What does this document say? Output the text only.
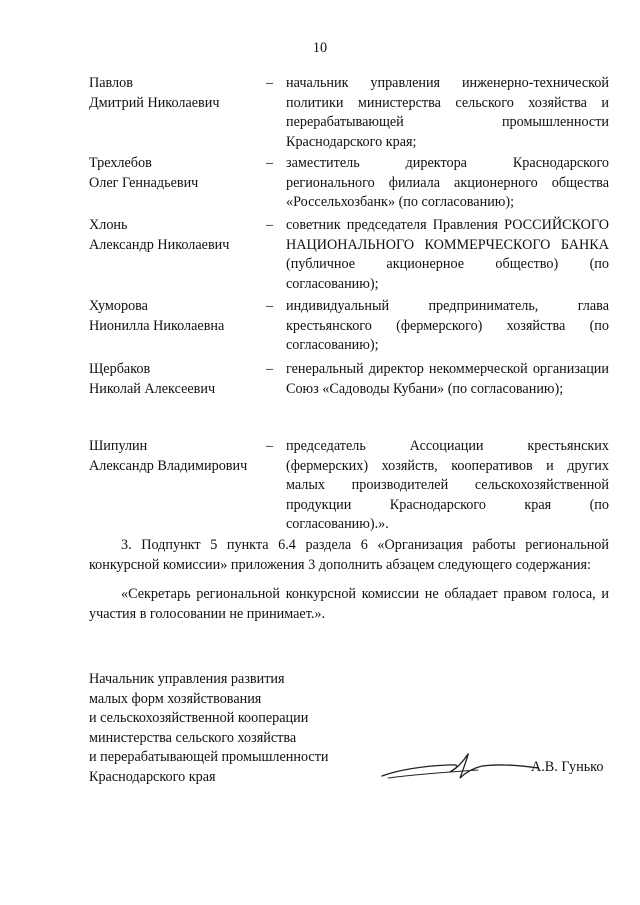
10
Павлов
Дмитрий Николаевич
– начальник управления инженерно-технической политики министерства сельского хозяйства и перерабатывающей промышленности Краснодарского края;
Трехлебов
Олег Геннадьевич
– заместитель директора Краснодарского регионального филиала акционерного общества «Россельхозбанк» (по согласованию);
Хлонь
Александр Николаевич
– советник председателя Правления РОССИЙСКОГО НАЦИОНАЛЬНОГО КОММЕРЧЕСКОГО БАНКА (публичное акционерное общество) (по согласованию);
Хуморова
Нионилла Николаевна
– индивидуальный предприниматель, глава крестьянского (фермерского) хозяйства (по согласованию);
Щербаков
Николай Алексеевич
– генеральный директор некоммерческой организации Союз «Садоводы Кубани» (по согласованию);
Шипулин
Александр Владимирович
– председатель Ассоциации крестьянских (фермерских) хозяйств, кооперативов и других малых производителей сельскохозяйственной продукции Краснодарского края (по согласованию).».
3. Подпункт 5 пункта 6.4 раздела 6 «Организация работы региональной конкурсной комиссии» приложения 3 дополнить абзацем следующего содержания:
«Секретарь региональной конкурсной комиссии не обладает правом голоса, и участия в голосовании не принимает.».
Начальник управления развития
малых форм хозяйствования
и сельскохозяйственной кооперации
министерства сельского хозяйства
и перерабатывающей промышленности
Краснодарского края
А.В. Гунько
